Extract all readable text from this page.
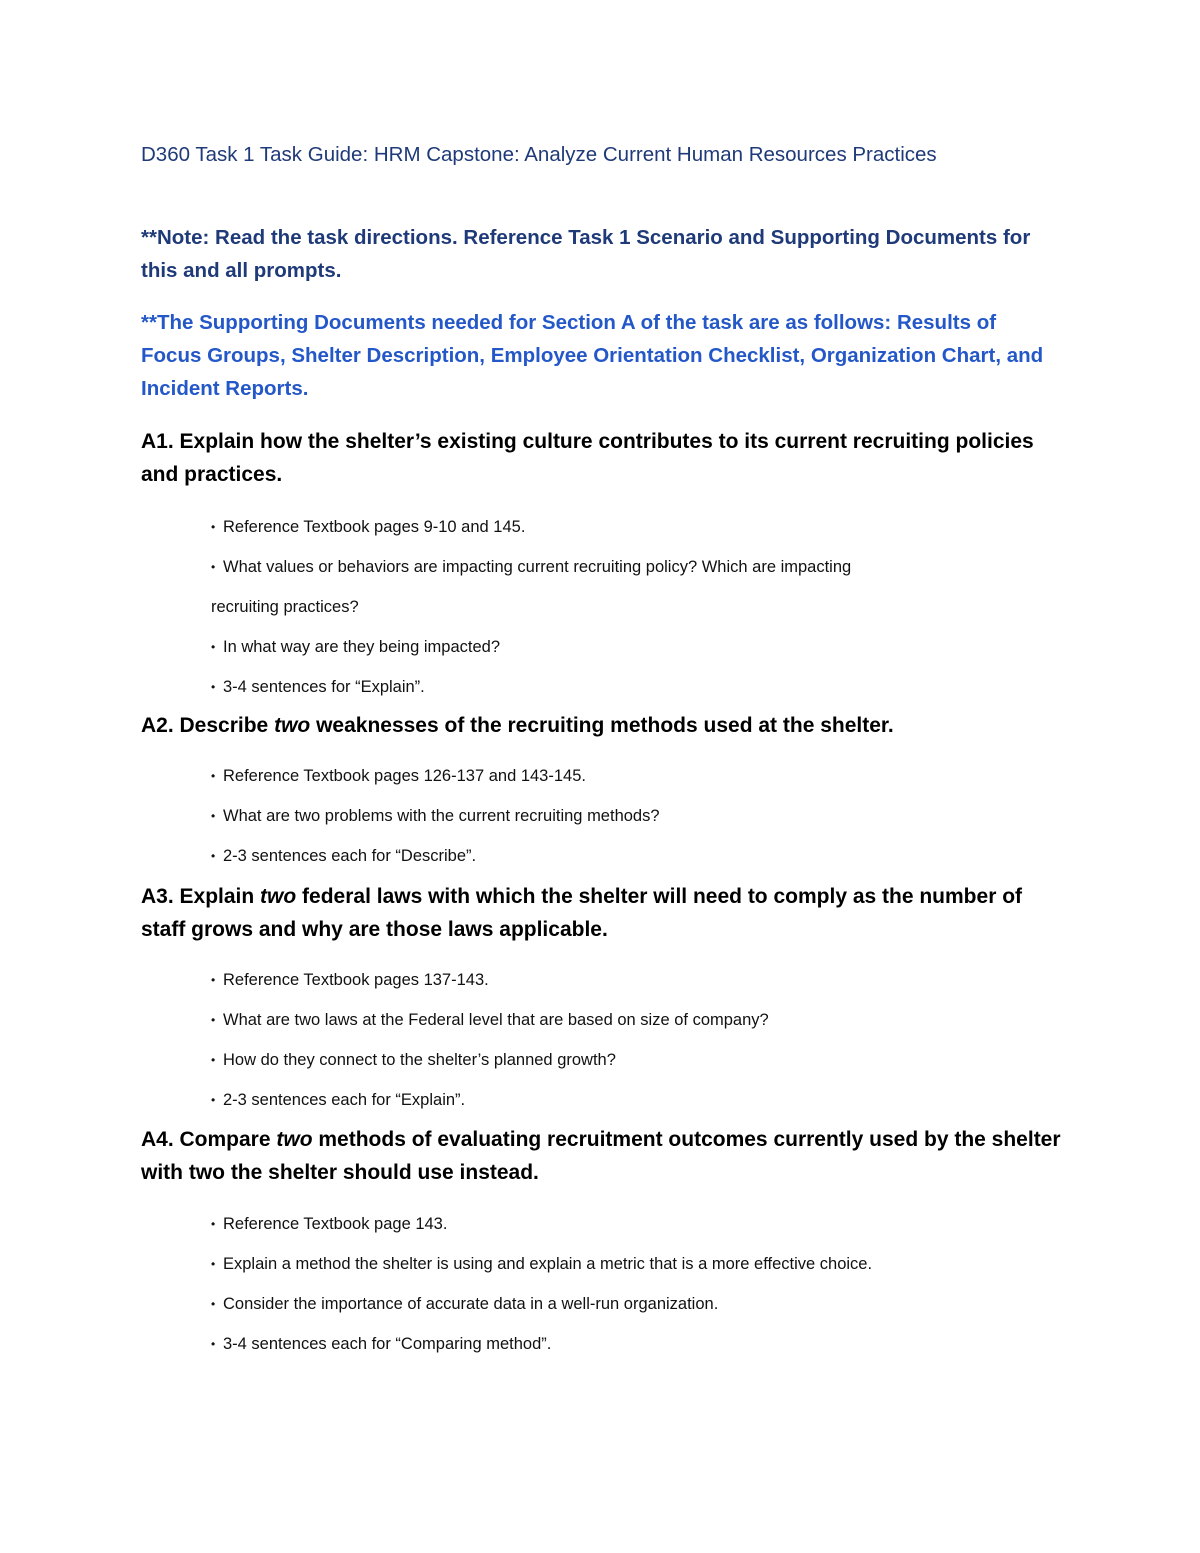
D360 Task 1 Task Guide: HRM Capstone: Analyze Current Human Resources Practices

**Note: Read the task directions. Reference Task 1 Scenario and Supporting Documents for this and all prompts.

**The Supporting Documents needed for Section A of the task are as follows: Results of Focus Groups, Shelter Description, Employee Orientation Checklist, Organization Chart, and Incident Reports.

A1. Explain how the shelter’s existing culture contributes to its current recruiting policies and practices.

• Reference Textbook pages 9-10 and 145.
• What values or behaviors are impacting current recruiting policy? Which are impacting
recruiting practices?
• In what way are they being impacted?
• 3-4 sentences for “Explain”.

A2. Describe two weaknesses of the recruiting methods used at the shelter.

• Reference Textbook pages 126-137 and 143-145.
• What are two problems with the current recruiting methods?
• 2-3 sentences each for “Describe”.

A3. Explain two federal laws with which the shelter will need to comply as the number of staff grows and why are those laws applicable.

• Reference Textbook pages 137-143.
• What are two laws at the Federal level that are based on size of company?
• How do they connect to the shelter’s planned growth?
• 2-3 sentences each for “Explain”.

A4. Compare two methods of evaluating recruitment outcomes currently used by the shelter with two the shelter should use instead.

• Reference Textbook page 143.
• Explain a method the shelter is using and explain a metric that is a more effective choice.
• Consider the importance of accurate data in a well-run organization.
• 3-4 sentences each for “Comparing method”.
